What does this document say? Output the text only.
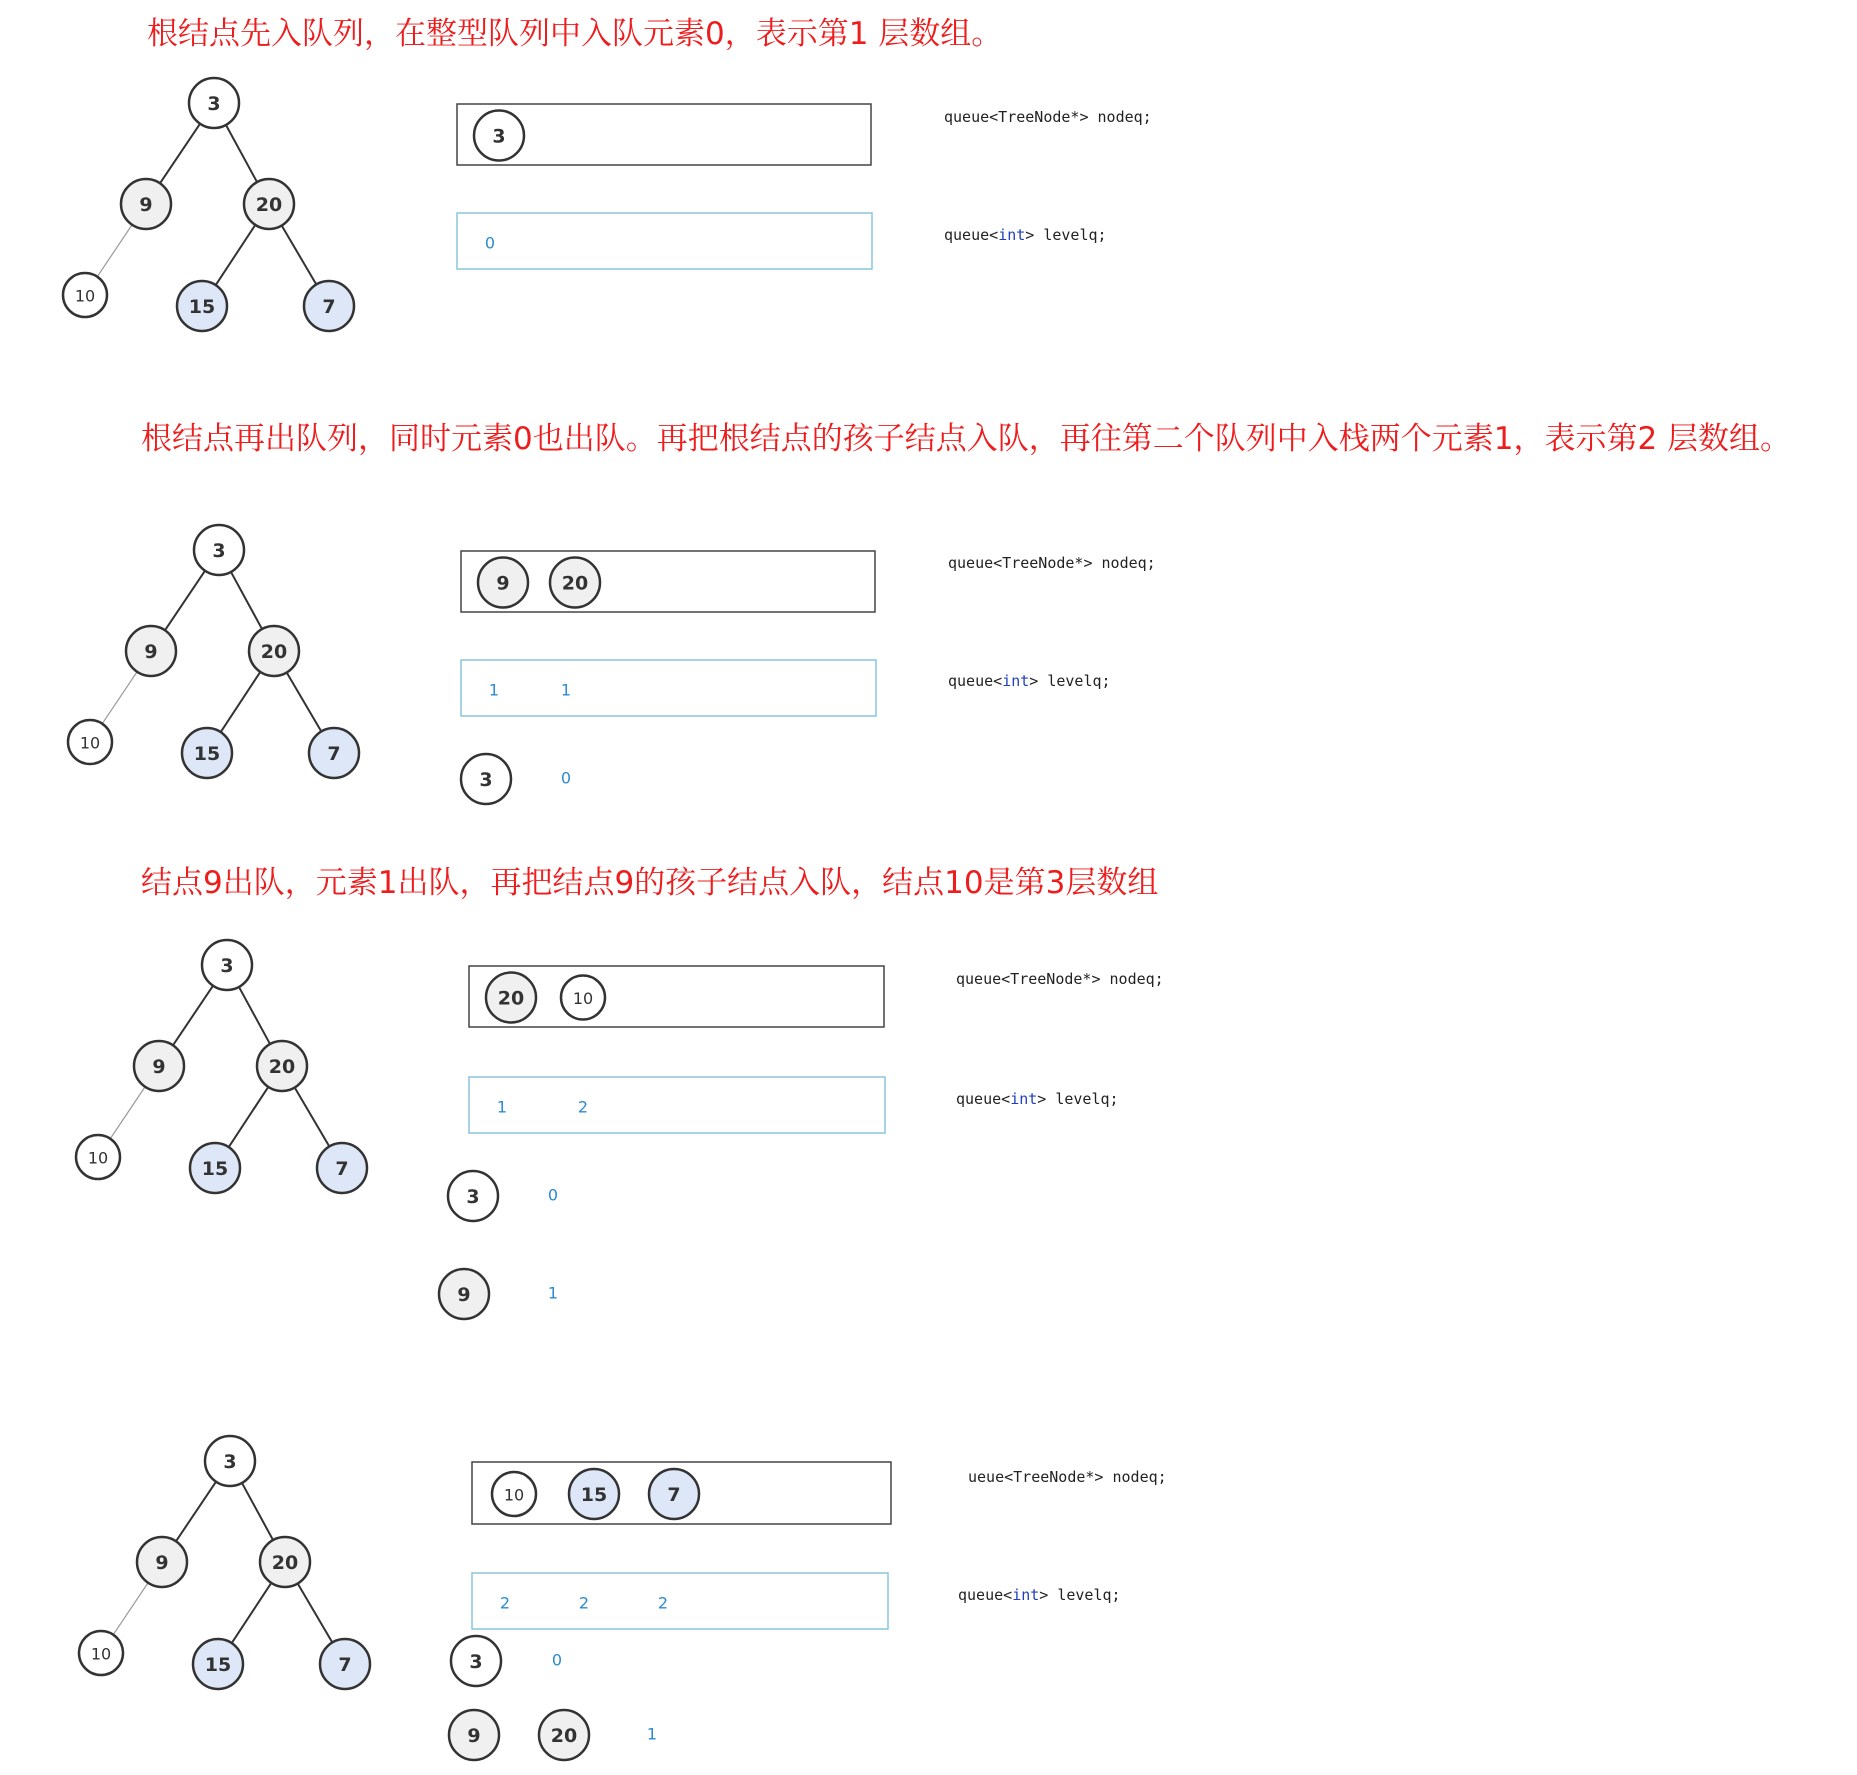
根结点先入队列，在整型队列中入队元素0，表示第1 层数组。
3
9	20
10	15	7
3
0
queue<TreeNode*> nodeq;
queue<int> levelq;
根结点再出队列，同时元素0也出队。再把根结点的孩子结点入队，再往第二个队列中入栈两个元素1，表示第2 层数组。
3
9	20
10	15	7
9	20
1	1
queue<TreeNode*> nodeq;
queue<int> levelq;
3	0
结点9出队，元素1出队，再把结点9的孩子结点入队，结点10是第3层数组
3
9	20
10	15	7
20	10
1	2
queue<TreeNode*> nodeq;
queue<int> levelq;
3	0
9	1
3
9	20
10	15	7
10	15	7
2	2	2
ueue<TreeNode*> nodeq;
queue<int> levelq;
3	0
9	20	1
